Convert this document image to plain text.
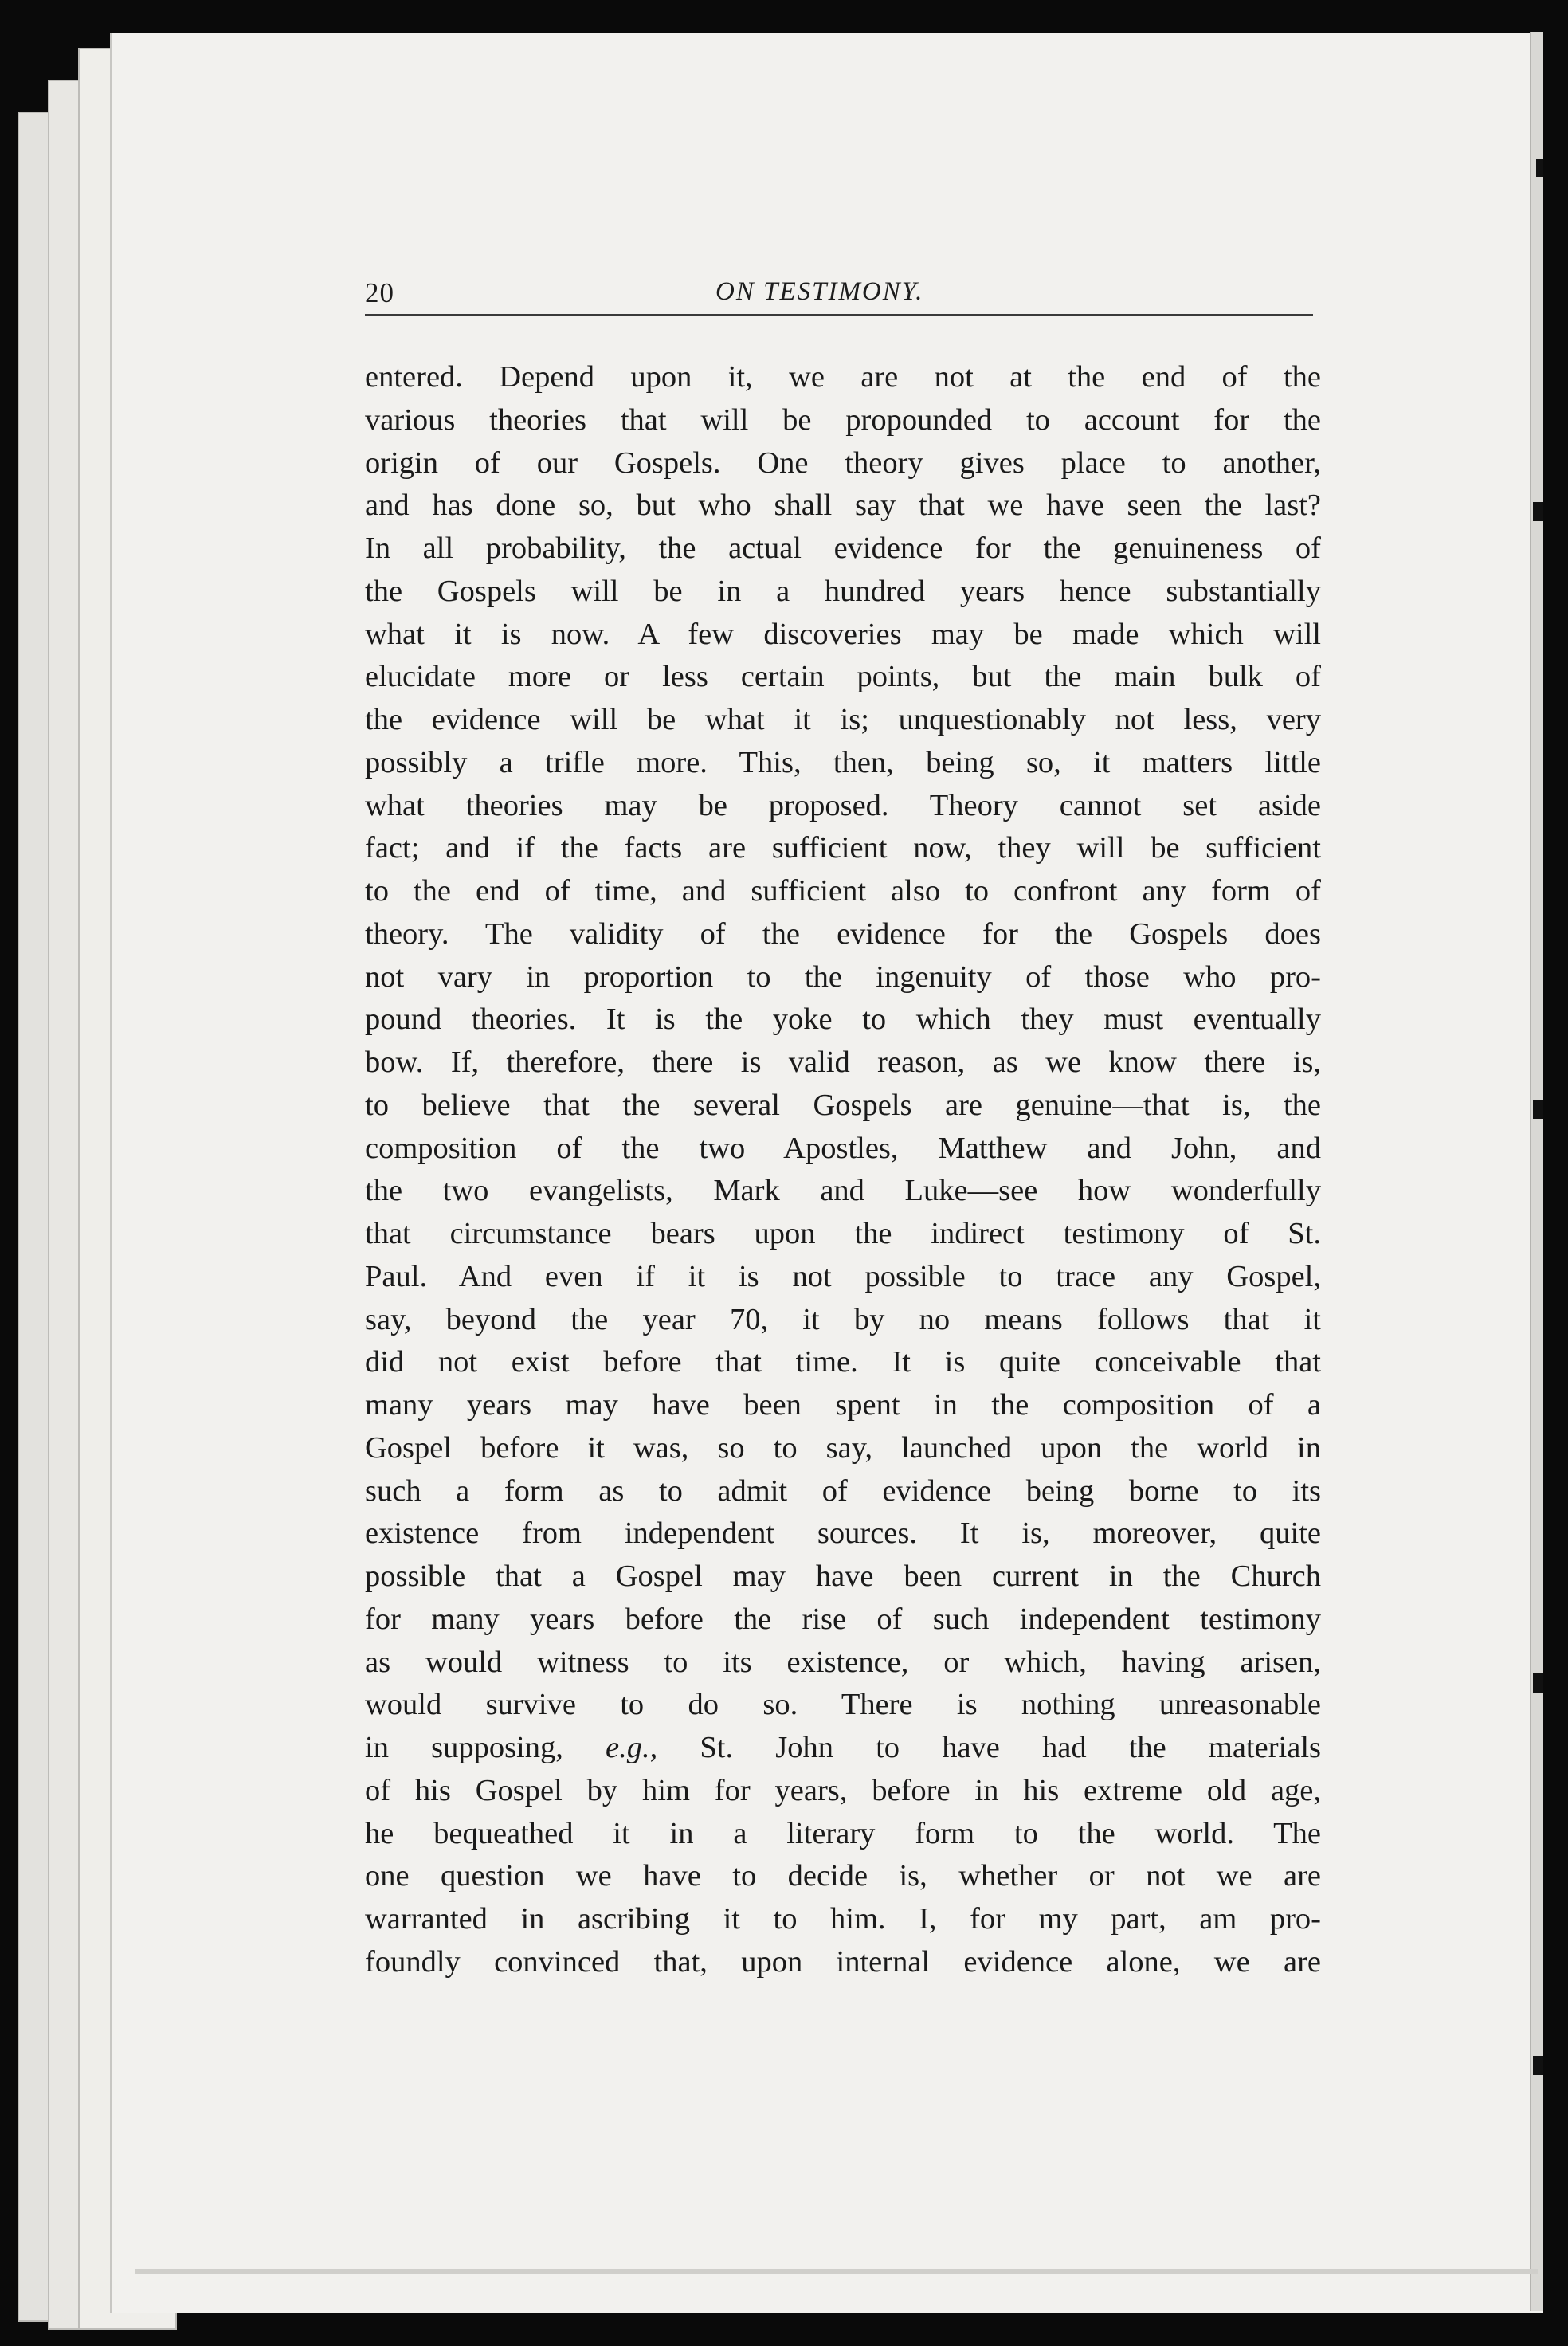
20	ON TESTIMONY.
entered. Depend upon it, we are not at the end of the
various theories that will be propounded to account for the
origin of our Gospels. One theory gives place to another,
and has done so, but who shall say that we have seen the last?
In all probability, the actual evidence for the genuineness of
the Gospels will be in a hundred years hence substantially
what it is now. A few discoveries may be made which will
elucidate more or less certain points, but the main bulk of
the evidence will be what it is; unquestionably not less, very
possibly a trifle more. This, then, being so, it matters little
what theories may be proposed. Theory cannot set aside
fact; and if the facts are sufficient now, they will be sufficient
to the end of time, and sufficient also to confront any form of
theory. The validity of the evidence for the Gospels does
not vary in proportion to the ingenuity of those who pro-
pound theories. It is the yoke to which they must eventually
bow. If, therefore, there is valid reason, as we know there is,
to believe that the several Gospels are genuine—that is, the
composition of the two Apostles, Matthew and John, and
the two evangelists, Mark and Luke—see how wonderfully
that circumstance bears upon the indirect testimony of St.
Paul. And even if it is not possible to trace any Gospel,
say, beyond the year 70, it by no means follows that it
did not exist before that time. It is quite conceivable that
many years may have been spent in the composition of a
Gospel before it was, so to say, launched upon the world in
such a form as to admit of evidence being borne to its
existence from independent sources. It is, moreover, quite
possible that a Gospel may have been current in the Church
for many years before the rise of such independent testimony
as would witness to its existence, or which, having arisen,
would survive to do so. There is nothing unreasonable
in supposing, e.g., St. John to have had the materials
of his Gospel by him for years, before in his extreme old age,
he bequeathed it in a literary form to the world. The
one question we have to decide is, whether or not we are
warranted in ascribing it to him. I, for my part, am pro-
foundly convinced that, upon internal evidence alone, we are
